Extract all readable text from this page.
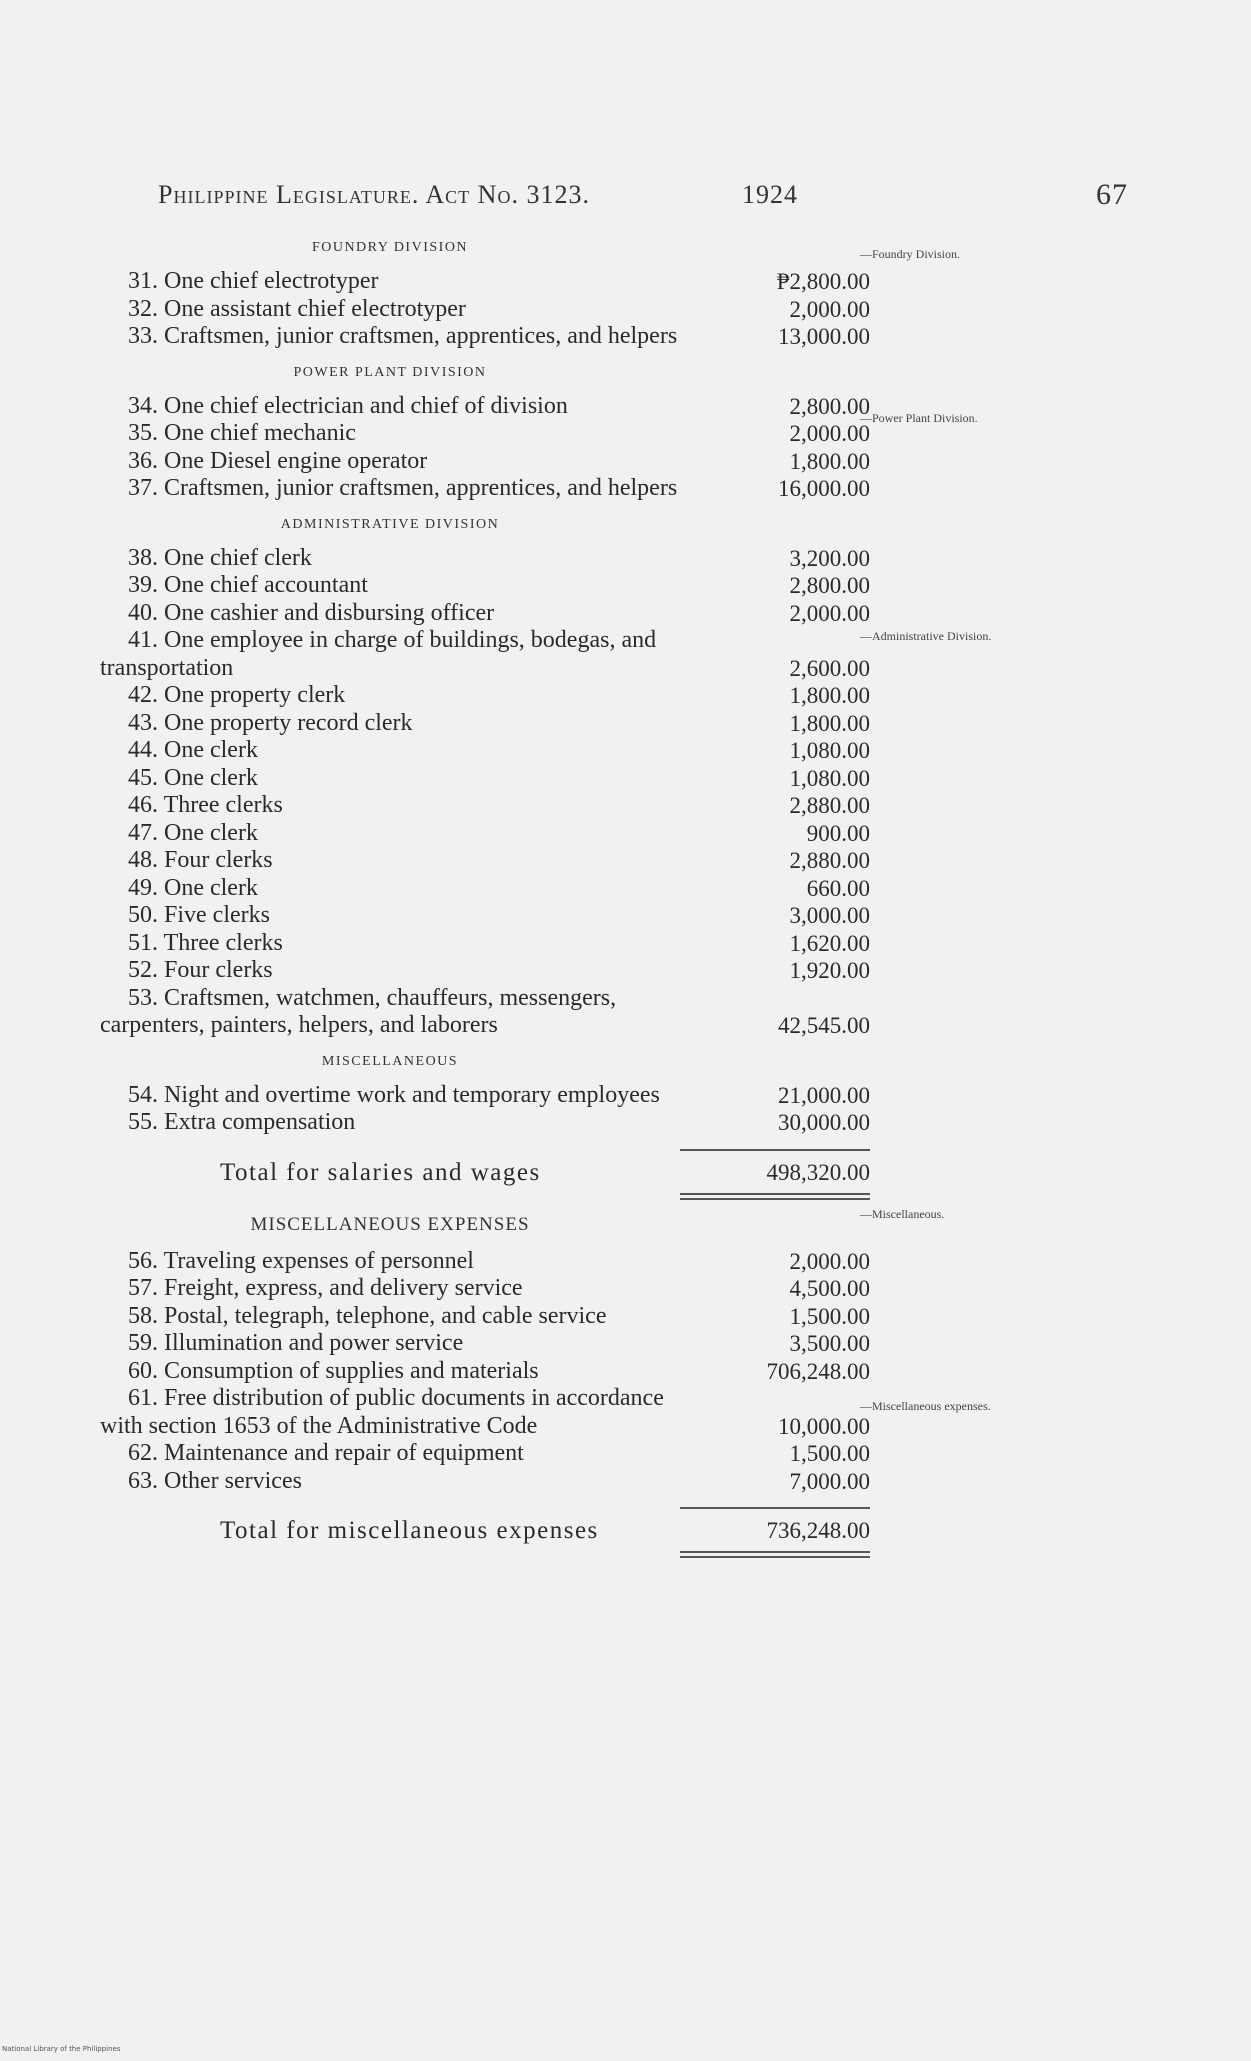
Philippine Legislature. Act No. 3123.	1924	67
FOUNDRY DIVISION	—Foundry Division.
31. One chief electrotyper	₱2,800.00
32. One assistant chief electrotyper	2,000.00
33. Craftsmen, junior craftsmen, apprentices, and helpers	13,000.00
POWER PLANT DIVISION
—Power Plant Division.
34. One chief electrician and chief of division	2,800.00
35. One chief mechanic	2,000.00
36. One Diesel engine operator	1,800.00
37. Craftsmen, junior craftsmen, apprentices, and helpers	16,000.00
ADMINISTRATIVE DIVISION
—Administrative Division.
38. One chief clerk	3,200.00
39. One chief accountant	2,800.00
40. One cashier and disbursing officer	2,000.00
41. One employee in charge of buildings, bodegas, and transportation	2,600.00
42. One property clerk	1,800.00
43. One property record clerk	1,800.00
44. One clerk	1,080.00
45. One clerk	1,080.00
46. Three clerks	2,880.00
47. One clerk	900.00
48. Four clerks	2,880.00
49. One clerk	660.00
50. Five clerks	3,000.00
51. Three clerks	1,620.00
52. Four clerks	1,920.00
53. Craftsmen, watchmen, chauffeurs, messengers, carpenters, painters, helpers, and laborers	42,545.00
MISCELLANEOUS
—Miscellaneous.
54. Night and overtime work and temporary employees	21,000.00
55. Extra compensation	30,000.00
Total for salaries and wages	498,320.00
MISCELLANEOUS EXPENSES
—Miscellaneous expenses.
56. Traveling expenses of personnel	2,000.00
57. Freight, express, and delivery service	4,500.00
58. Postal, telegraph, telephone, and cable service	1,500.00
59. Illumination and power service	3,500.00
60. Consumption of supplies and materials	706,248.00
61. Free distribution of public documents in accordance with section 1653 of the Administrative Code	10,000.00
62. Maintenance and repair of equipment	1,500.00
63. Other services	7,000.00
Total for miscellaneous expenses	736,248.00
National Library of the Philippines
